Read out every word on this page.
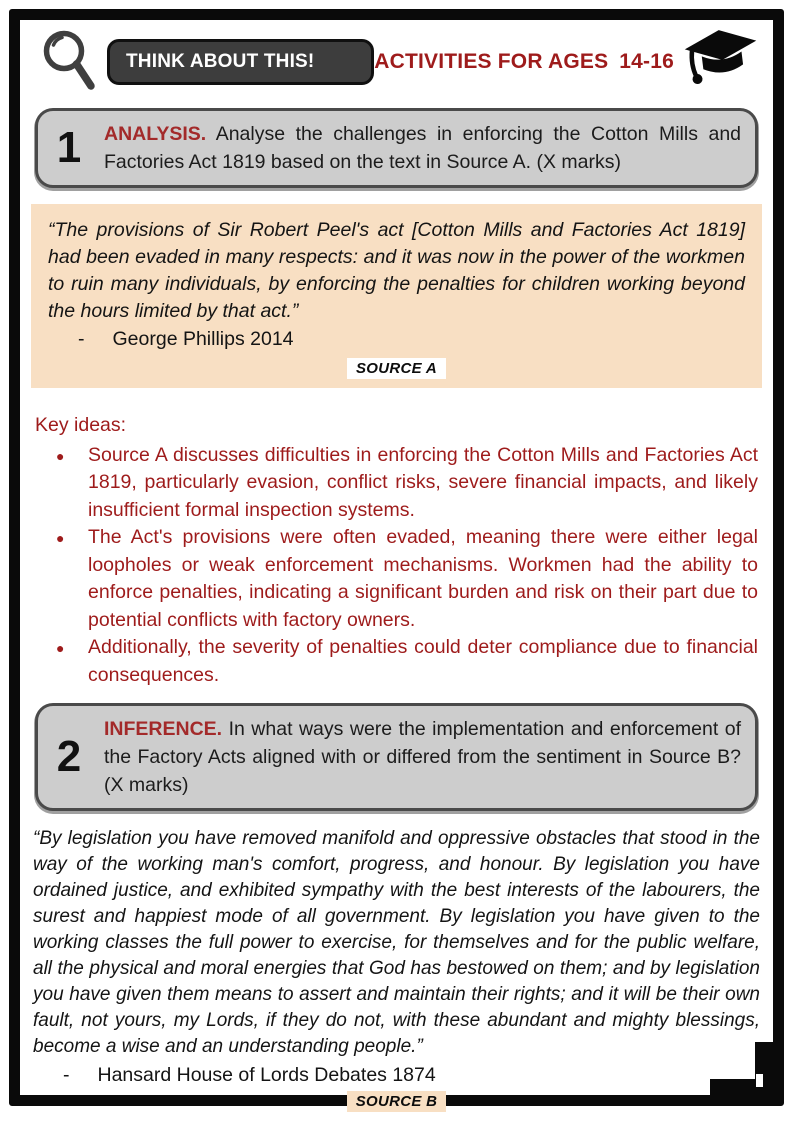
THINK ABOUT THIS!	ACTIVITIES FOR AGES 14-16
1	ANALYSIS. Analyse the challenges in enforcing the Cotton Mills and Factories Act 1819 based on the text in Source A. (X marks)

“The provisions of Sir Robert Peel's act [Cotton Mills and Factories Act 1819] had been evaded in many respects: and it was now in the power of the workmen to ruin many individuals, by enforcing the penalties for children working beyond the hours limited by that act.”

- George Phillips 2014
SOURCE A

Key ideas:

● Source A discusses difficulties in enforcing the Cotton Mills and Factories Act 1819, particularly evasion, conflict risks, severe financial impacts, and likely insufficient formal inspection systems.
● The Act's provisions were often evaded, meaning there were either legal loopholes or weak enforcement mechanisms. Workmen had the ability to enforce penalties, indicating a significant burden and risk on their part due to potential conflicts with factory owners.
● Additionally, the severity of penalties could deter compliance due to financial consequences.
2

INFERENCE. In what ways were the implementation and enforcement of the Factory Acts aligned with or differed from the sentiment in Source B? (X marks)

“By legislation you have removed manifold and oppressive obstacles that stood in the way of the working man's comfort, progress, and honour. By legislation you have ordained justice, and exhibited sympathy with the best interests of the labourers, the surest and happiest mode of all government. By legislation you have given to the working classes the full power to exercise, for themselves and for the public welfare, all the physical and moral energies that God has bestowed on them; and by legislation you have given them means to assert and maintain their rights; and it will be their own fault, not yours, my Lords, if they do not, with these abundant and mighty blessings, become a wise and an understanding people.”

- Hansard House of Lords Debates 1874
SOURCE B
